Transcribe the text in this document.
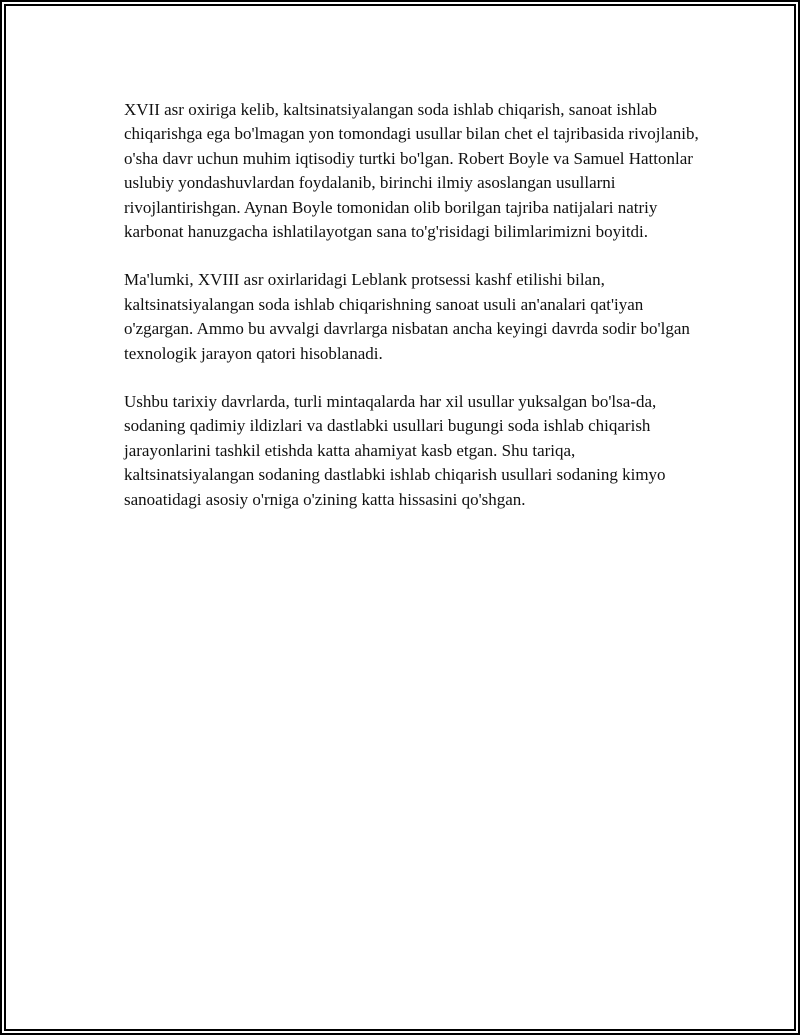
XVII asr oxiriga kelib, kaltsinatsiyalangan soda ishlab chiqarish, sanoat ishlab chiqarishga ega bo'lmagan yon tomondagi usullar bilan chet el tajribasida rivojlanib, o'sha davr uchun muhim iqtisodiy turtki bo'lgan. Robert Boyle va Samuel Hattonlar uslubiy yondashuvlardan foydalanib, birinchi ilmiy asoslangan usullarni rivojlantirishgan. Aynan Boyle tomonidan olib borilgan tajriba natijalari natriy karbonat hanuzgacha ishlatilayotgan sana to'g'risidagi bilimlarimizni boyitdi.

Ma'lumki, XVIII asr oxirlaridagi Leblank protsessi kashf etilishi bilan, kaltsinatsiyalangan soda ishlab chiqarishning sanoat usuli an'analari qat'iyan o'zgargan. Ammo bu avvalgi davrlarga nisbatan ancha keyingi davrda sodir bo'lgan texnologik jarayon qatori hisoblanadi.

Ushbu tarixiy davrlarda, turli mintaqalarda har xil usullar yuksalgan bo'lsa-da, sodaning qadimiy ildizlari va dastlabki usullari bugungi soda ishlab chiqarish jarayonlarini tashkil etishda katta ahamiyat kasb etgan. Shu tariqa, kaltsinatsiyalangan sodaning dastlabki ishlab chiqarish usullari sodaning kimyo sanoatidagi asosiy o'rniga o'zining katta hissasini qo'shgan.
